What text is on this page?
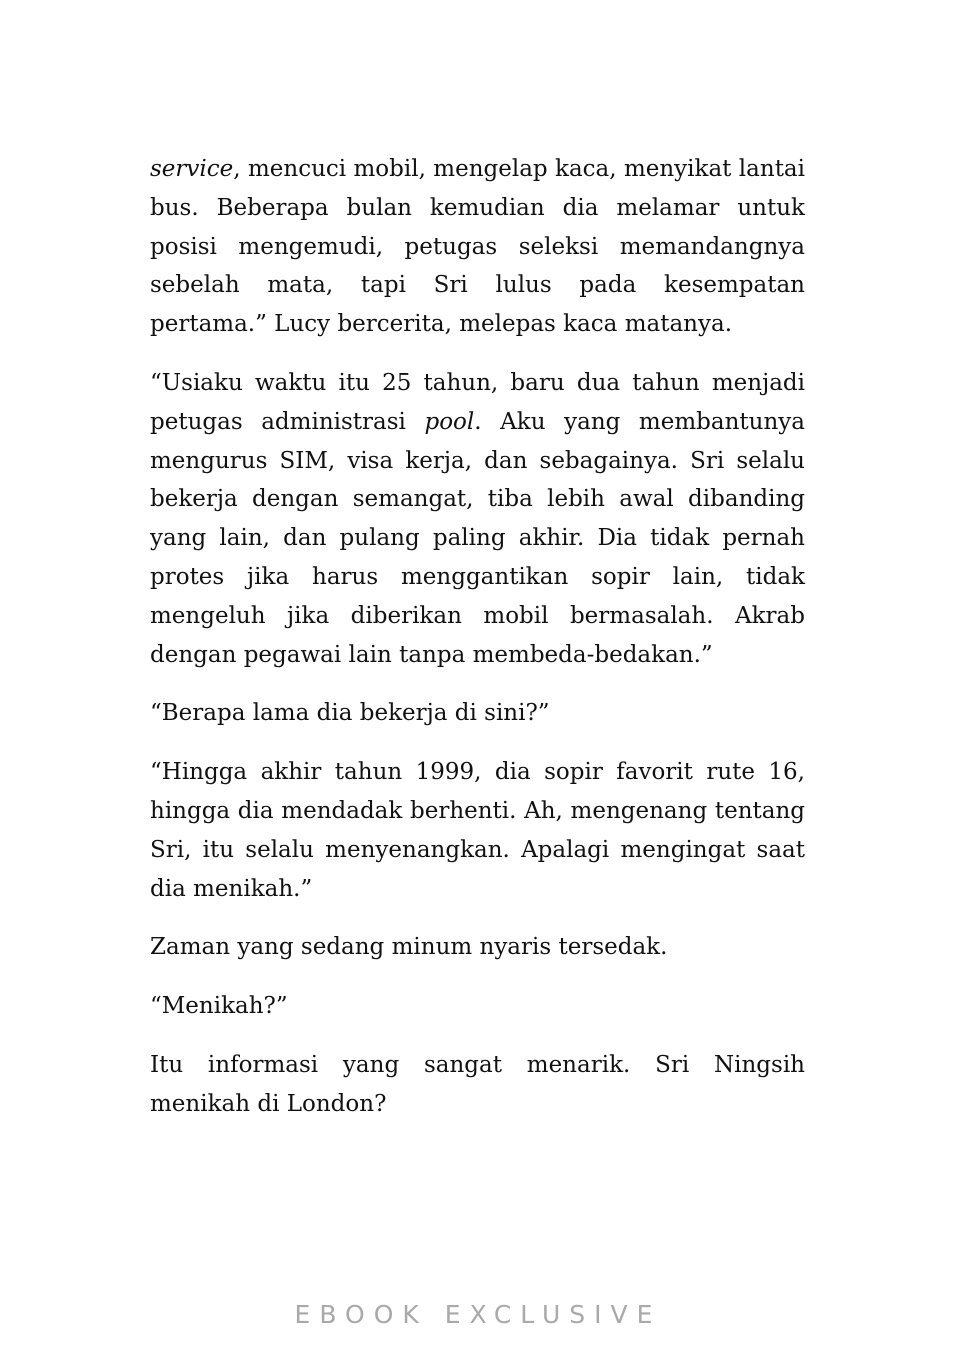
service, mencuci mobil, mengelap kaca, menyikat lantai bus. Beberapa bulan kemudian dia melamar untuk posisi mengemudi, petugas seleksi memandangnya sebelah mata, tapi Sri lulus pada kesempatan pertama.” Lucy bercerita, melepas kaca matanya.

“Usiaku waktu itu 25 tahun, baru dua tahun menjadi petugas administrasi pool. Aku yang membantunya mengurus SIM, visa kerja, dan sebagainya. Sri selalu bekerja dengan semangat, tiba lebih awal dibanding yang lain, dan pulang paling akhir. Dia tidak pernah protes jika harus menggantikan sopir lain, tidak mengeluh jika diberikan mobil bermasalah. Akrab dengan pegawai lain tanpa membeda-bedakan.”

“Berapa lama dia bekerja di sini?”

“Hingga akhir tahun 1999, dia sopir favorit rute 16, hingga dia mendadak berhenti. Ah, mengenang tentang Sri, itu selalu menyenangkan. Apalagi mengingat saat dia menikah.”

Zaman yang sedang minum nyaris tersedak.

“Menikah?”

Itu informasi yang sangat menarik. Sri Ningsih menikah di London?

EBOOK EXCLUSIVE
